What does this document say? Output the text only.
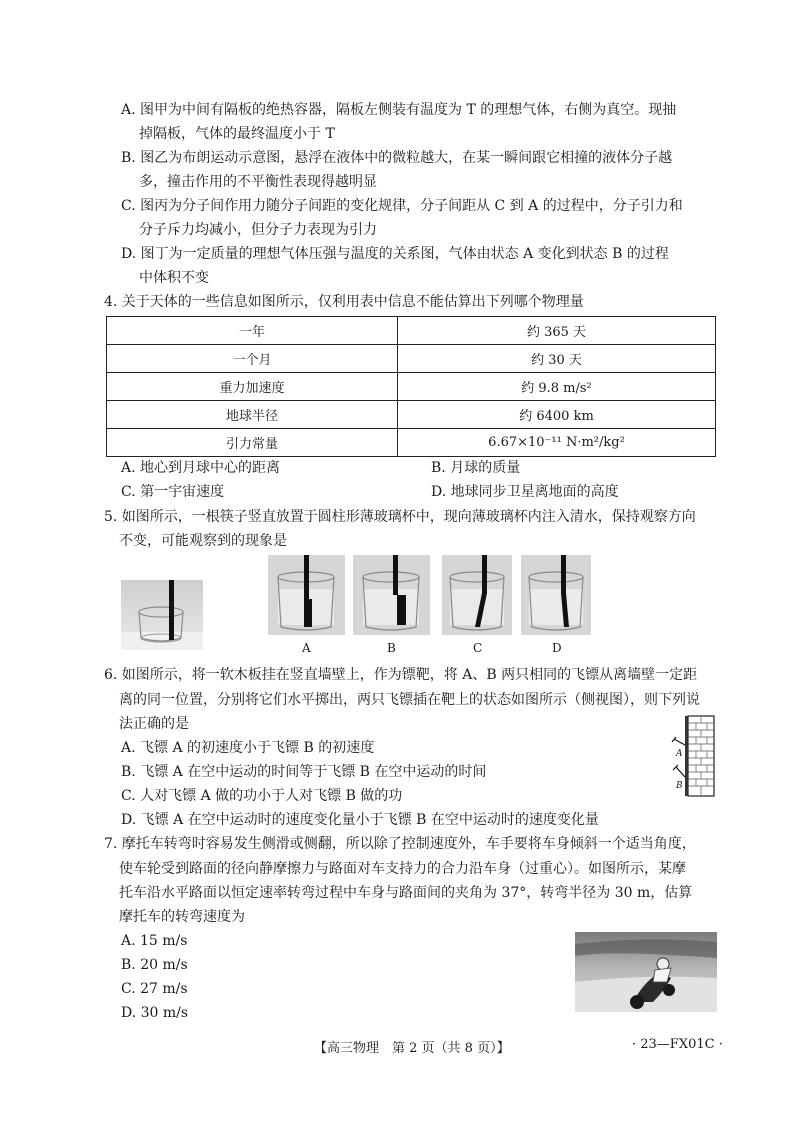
A. 图甲为中间有隔板的绝热容器，隔板左侧装有温度为 T 的理想气体，右侧为真空。现抽
掉隔板，气体的最终温度小于 T
B. 图乙为布朗运动示意图，悬浮在液体中的微粒越大，在某一瞬间跟它相撞的液体分子越
多，撞击作用的不平衡性表现得越明显
C. 图丙为分子间作用力随分子间距的变化规律，分子间距从 C 到 A 的过程中，分子引力和
分子斥力均减小，但分子力表现为引力
D. 图丁为一定质量的理想气体压强与温度的关系图，气体由状态 A 变化到状态 B 的过程
中体积不变
4. 关于天体的一些信息如图所示，仅利用表中信息不能估算出下列哪个物理量
一年	约 365 天
一个月	约 30 天
重力加速度	约 9.8 m/s²
地球半径	约 6400 km
引力常量	6.67×10⁻¹¹ N·m²/kg²
A. 地心到月球中心的距离	B. 月球的质量
C. 第一宇宙速度	D. 地球同步卫星离地面的高度
5. 如图所示，一根筷子竖直放置于圆柱形薄玻璃杯中，现向薄玻璃杯内注入清水，保持观察方向
不变，可能观察到的现象是
A	B	C	D
6. 如图所示，将一软木板挂在竖直墙壁上，作为镖靶，将 A、B 两只相同的飞镖从离墙壁一定距
离的同一位置，分别将它们水平掷出，两只飞镖插在靶上的状态如图所示（侧视图），则下列说
法正确的是
A. 飞镖 A 的初速度小于飞镖 B 的初速度
B. 飞镖 A 在空中运动的时间等于飞镖 B 在空中运动的时间
C. 人对飞镖 A 做的功小于人对飞镖 B 做的功
D. 飞镖 A 在空中运动时的速度变化量小于飞镖 B 在空中运动时的速度变化量
A
B
7. 摩托车转弯时容易发生侧滑或侧翻，所以除了控制速度外，车手要将车身倾斜一个适当角度，
使车轮受到路面的径向静摩擦力与路面对车支持力的合力沿车身（过重心）。如图所示，某摩
托车沿水平路面以恒定速率转弯过程中车身与路面间的夹角为 37°，转弯半径为 30 m，估算
摩托车的转弯速度为
A. 15 m/s
B. 20 m/s
C. 27 m/s
D. 30 m/s
【高三物理　第 2 页（共 8 页）】	· 23—FX01C ·
